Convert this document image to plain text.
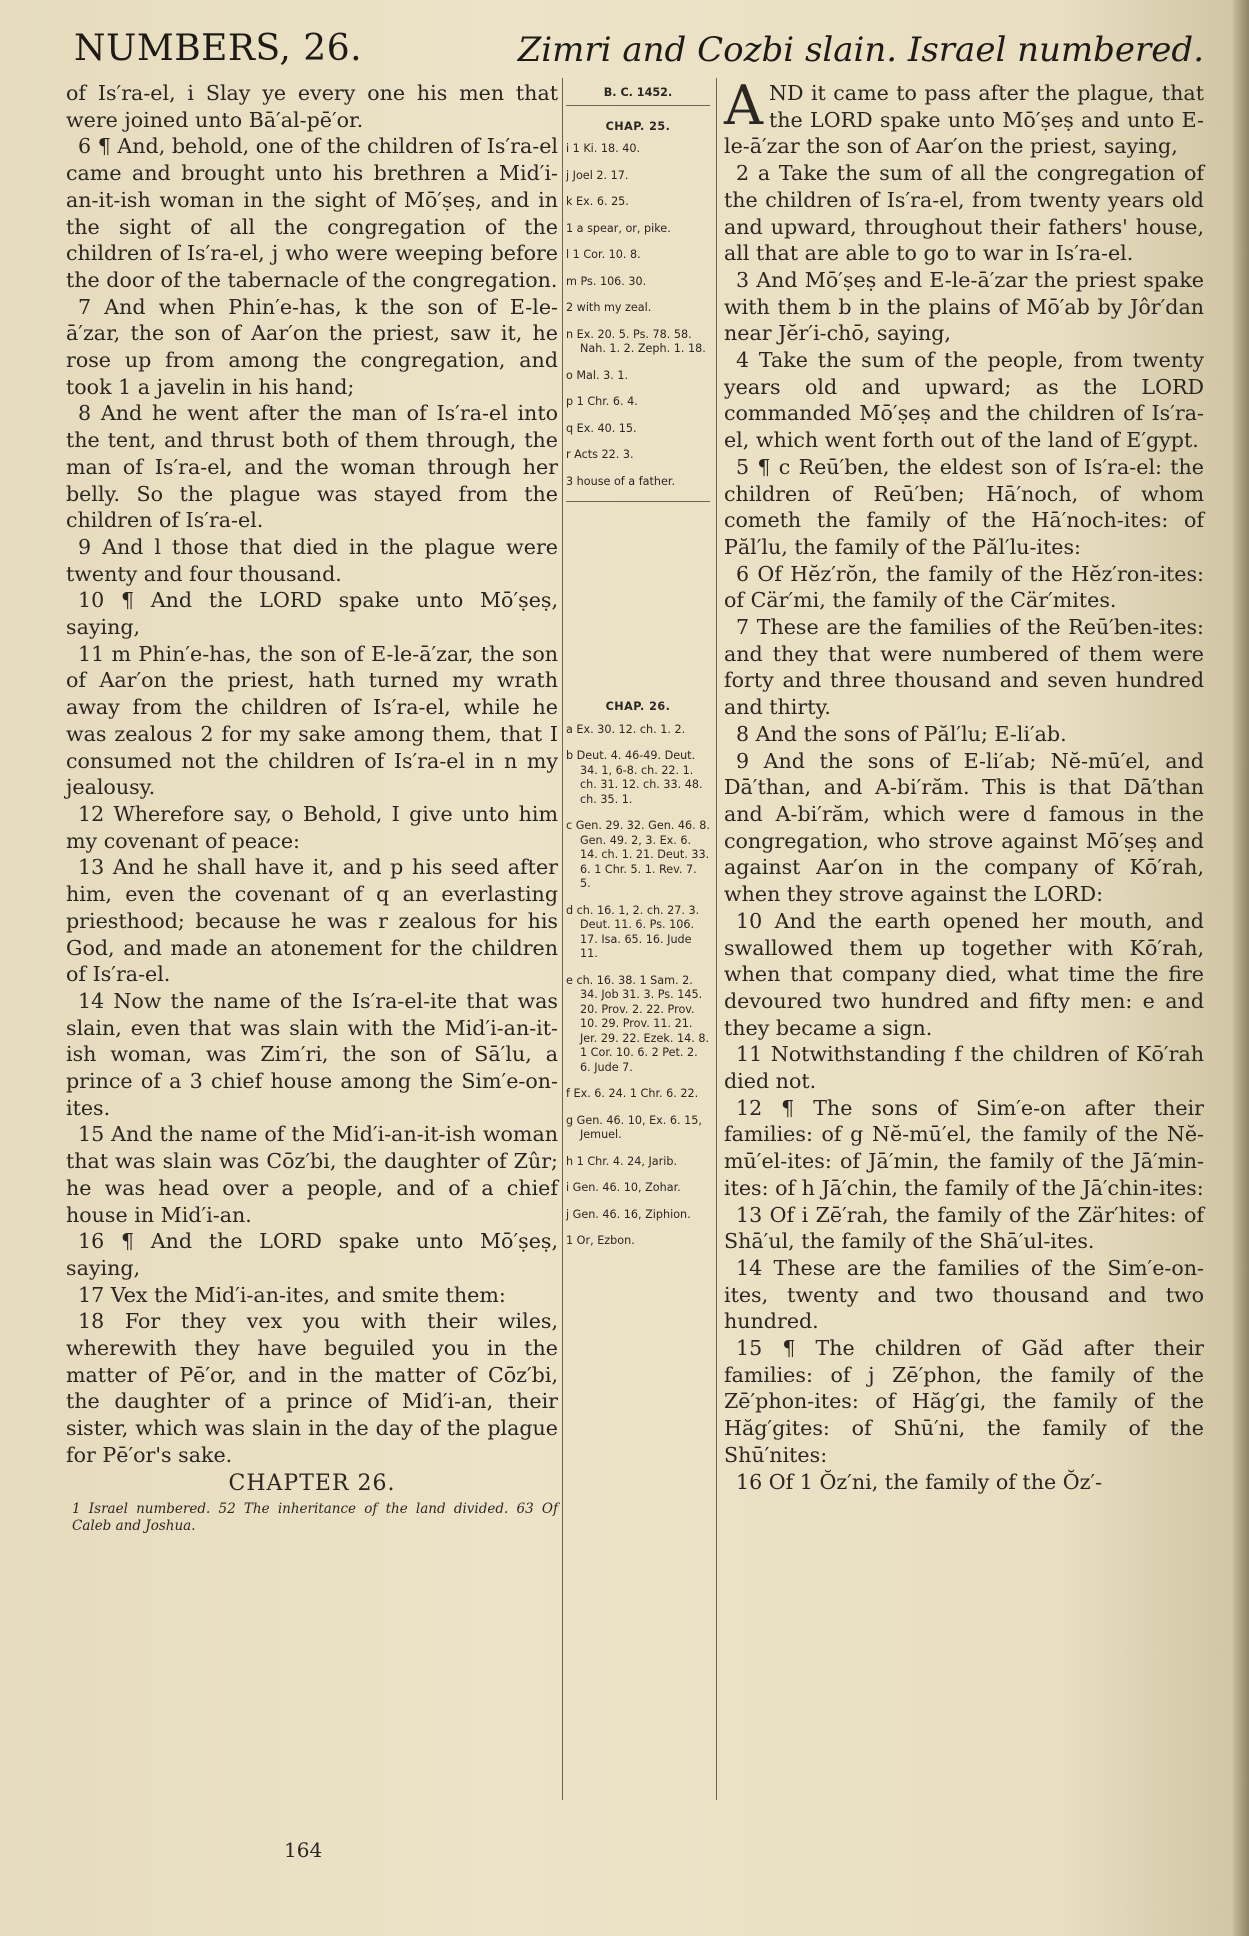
NUMBERS, 26.	Zimri and Cozbi slain. Israel numbered.

of Is′ra-el, i Slay ye every one his men that were joined unto Bā′al-pē′or.

6 ¶ And, behold, one of the children of Is′ra-el came and brought unto his brethren a Mid′i-an-it-ish woman in the sight of Mō′ṣeṣ, and in the sight of all the congregation of the children of Is′ra-el, j who were weeping before the door of the tabernacle of the congregation.

7 And when Phin′e-has, k the son of E-le-ā′zar, the son of Aar′on the priest, saw it, he rose up from among the congregation, and took 1 a javelin in his hand;

8 And he went after the man of Is′ra-el into the tent, and thrust both of them through, the man of Is′ra-el, and the woman through her belly. So the plague was stayed from the children of Is′ra-el.

9 And l those that died in the plague were twenty and four thousand.

10 ¶ And the LORD spake unto Mō′ṣeṣ, saying,

11 m Phin′e-has, the son of E-le-ā′zar, the son of Aar′on the priest, hath turned my wrath away from the children of Is′ra-el, while he was zealous 2 for my sake among them, that I consumed not the children of Is′ra-el in n my jealousy.

12 Wherefore say, o Behold, I give unto him my covenant of peace:

13 And he shall have it, and p his seed after him, even the covenant of q an everlasting priesthood; because he was r zealous for his God, and made an atonement for the children of Is′ra-el.

14 Now the name of the Is′ra-el-ite that was slain, even that was slain with the Mid′i-an-it-ish woman, was Zim′ri, the son of Sā′lu, a prince of a 3 chief house among the Sim′e-on-ites.

15 And the name of the Mid′i-an-it-ish woman that was slain was Cōz′bi, the daughter of Zûr; he was head over a people, and of a chief house in Mid′i-an.

16 ¶ And the LORD spake unto Mō′ṣeṣ, saying,

17 Vex the Mid′i-an-ites, and smite them:

18 For they vex you with their wiles, wherewith they have beguiled you in the matter of Pē′or, and in the matter of Cōz′bi, the daughter of a prince of Mid′i-an, their sister, which was slain in the day of the plague for Pē′or's sake.

CHAPTER 26.
1 Israel numbered. 52 The inheritance of the land divided. 63 Of Caleb and Joshua.
B. C. 1452.
CHAP. 25.
i 1 Ki. 18. 40.
j Joel 2. 17.
k Ex. 6. 25.
1 a spear, or, pike.
l 1 Cor. 10. 8.
m Ps. 106. 30.
2 with my zeal.
n Ex. 20. 5. Ps. 78. 58. Nah. 1. 2. Zeph. 1. 18.
o Mal. 3. 1.
p 1 Chr. 6. 4.
q Ex. 40. 15.
r Acts 22. 3.
3 house of a father.
CHAP. 26.
a Ex. 30. 12. ch. 1. 2.
b Deut. 4. 46-49. Deut. 34. 1, 6-8. ch. 22. 1. ch. 31. 12. ch. 33. 48. ch. 35. 1.
c Gen. 29. 32. Gen. 46. 8. Gen. 49. 2, 3. Ex. 6. 14. ch. 1. 21. Deut. 33. 6. 1 Chr. 5. 1. Rev. 7. 5.
d ch. 16. 1, 2. ch. 27. 3. Deut. 11. 6. Ps. 106. 17. Isa. 65. 16. Jude 11.
e ch. 16. 38. 1 Sam. 2. 34. Job 31. 3. Ps. 145. 20. Prov. 2. 22. Prov. 10. 29. Prov. 11. 21. Jer. 29. 22. Ezek. 14. 8. 1 Cor. 10. 6. 2 Pet. 2. 6. Jude 7.
f Ex. 6. 24. 1 Chr. 6. 22.
g Gen. 46. 10, Ex. 6. 15, Jemuel.
h 1 Chr. 4. 24, Jarib.
i Gen. 46. 10, Zohar.
j Gen. 46. 16, Ziphion.
1 Or, Ezbon.

AND it came to pass after the plague, that the LORD spake unto Mō′ṣeṣ and unto E-le-ā′zar the son of Aar′on the priest, saying,

2 a Take the sum of all the congregation of the children of Is′ra-el, from twenty years old and upward, throughout their fathers' house, all that are able to go to war in Is′ra-el.

3 And Mō′ṣeṣ and E-le-ā′zar the priest spake with them b in the plains of Mō′ab by Jôr′dan near Jĕr′i-chō, saying,

4 Take the sum of the people, from twenty years old and upward; as the LORD commanded Mō′ṣeṣ and the children of Is′ra-el, which went forth out of the land of E′gypt.

5 ¶ c Reū′ben, the eldest son of Is′ra-el: the children of Reū′ben; Hā′noch, of whom cometh the family of the Hā′noch-ites: of Păl′lu, the family of the Păl′lu-ites:

6 Of Hĕz′rŏn, the family of the Hĕz′ron-ites: of Cär′mi, the family of the Cär′mites.

7 These are the families of the Reū′ben-ites: and they that were numbered of them were forty and three thousand and seven hundred and thirty.

8 And the sons of Păl′lu; E-li′ab.

9 And the sons of E-li′ab; Nĕ-mū′el, and Dā′than, and A-bi′răm. This is that Dā′than and A-bi′răm, which were d famous in the congregation, who strove against Mō′ṣeṣ and against Aar′on in the company of Kō′rah, when they strove against the LORD:

10 And the earth opened her mouth, and swallowed them up together with Kō′rah, when that company died, what time the fire devoured two hundred and fifty men: e and they became a sign.

11 Notwithstanding f the children of Kō′rah died not.

12 ¶ The sons of Sim′e-on after their families: of g Nĕ-mū′el, the family of the Nĕ-mū′el-ites: of Jā′min, the family of the Jā′min-ites: of h Jā′chin, the family of the Jā′chin-ites:

13 Of i Zē′rah, the family of the Zär′hites: of Shā′ul, the family of the Shā′ul-ites.

14 These are the families of the Sim′e-on-ites, twenty and two thousand and two hundred.

15 ¶ The children of Găd after their families: of j Zē′phon, the family of the Zē′phon-ites: of Hăg′gi, the family of the Hăg′gites: of Shū′ni, the family of the Shū′nites:

16 Of 1 Ŏz′ni, the family of the Ŏz′-

164
